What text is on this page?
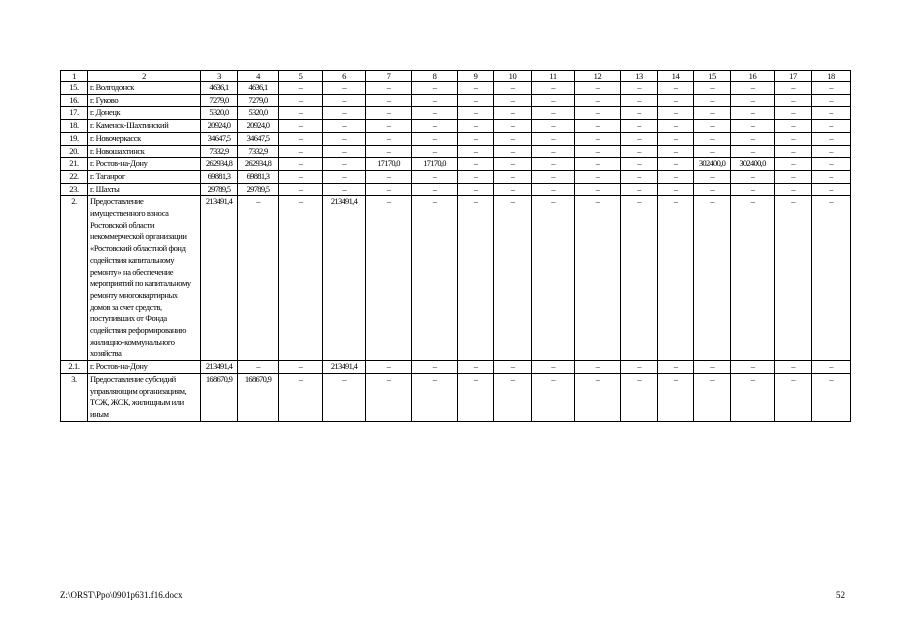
1	2	3	4	5	6	7	8	9	10	11	12	13	14	15	16	17	18
15.	г. Волгодонск	4636,1	4636,1	–	–	–	–	–	–	–	–	–	–	–	–	–	–
16.	г. Гуково	7279,0	7279,0	–	–	–	–	–	–	–	–	–	–	–	–	–	–
17.	г. Донецк	5320,0	5320,0	–	–	–	–	–	–	–	–	–	–	–	–	–	–
18.	г. Каменск-Шахтинский	20924,0	20924,0	–	–	–	–	–	–	–	–	–	–	–	–	–	–
19.	г. Новочеркасск	34647,5	34647,5	–	–	–	–	–	–	–	–	–	–	–	–	–	–
20.	г. Новошахтинск	7332,9	7332,9	–	–	–	–	–	–	–	–	–	–	–	–	–	–
21.	г. Ростов-на-Дону	262934,8	262934,8	–	–	17170,0	17170,0	–	–	–	–	–	–	302400,0	302400,0	–	–
22.	г. Таганрог	69881,3	69881,3	–	–	–	–	–	–	–	–	–	–	–	–	–	–
23.	г. Шахты	29789,5	29789,5	–	–	–	–	–	–	–	–	–	–	–	–	–	–
2.	Предоставление имущественного взноса Ростовской области некоммерческой организации «Ростовский областной фонд содействия капитальному ремонту» на обеспечение мероприятий по капитальному ремонту многоквартирных домов за счет средств, поступивших от Фонда содействия реформированию жилищно-коммунального хозяйства	213491,4	–	–	213491,4	–	–	–	–	–	–	–	–	–	–	–	–
2.1.	г. Ростов-на-Дону	213491,4	–	–	213491,4	–	–	–	–	–	–	–	–	–	–	–	–
3.	Предоставление субсидий управляющим организациям, ТСЖ, ЖСК, жилищным или иным	168670,9	168670,9	–	–	–	–	–	–	–	–	–	–	–	–	–	–
Z:\ORST\Ppo\0901p631.f16.docx	52
